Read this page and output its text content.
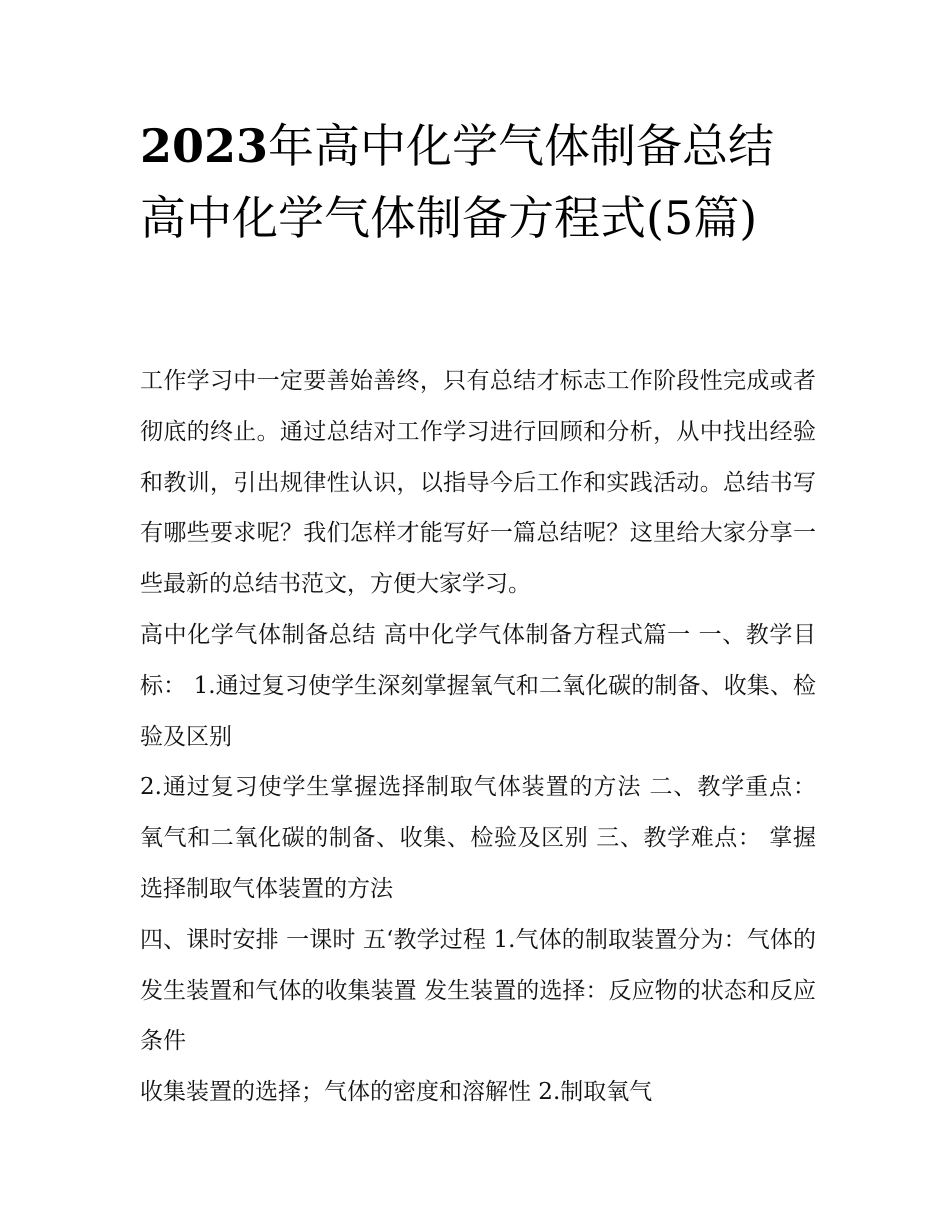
2023年高中化学气体制备总结高中化学气体制备方程式(5篇)

工作学习中一定要善始善终，只有总结才标志工作阶段性完成或者彻底的终止。通过总结对工作学习进行回顾和分析，从中找出经验和教训，引出规律性认识，以指导今后工作和实践活动。总结书写有哪些要求呢？我们怎样才能写好一篇总结呢？这里给大家分享一些最新的总结书范文，方便大家学习。

高中化学气体制备总结 高中化学气体制备方程式篇一 一、教学目标： 1.通过复习使学生深刻掌握氧气和二氧化碳的制备、收集、检验及区别

2.通过复习使学生掌握选择制取气体装置的方法 二、教学重点： 氧气和二氧化碳的制备、收集、检验及区别 三、教学难点： 掌握选择制取气体装置的方法

四、课时安排 一课时 五‘教学过程 1.气体的制取装置分为：气体的发生装置和气体的收集装置 发生装置的选择：反应物的状态和反应条件

收集装置的选择；气体的密度和溶解性 2.制取氧气
